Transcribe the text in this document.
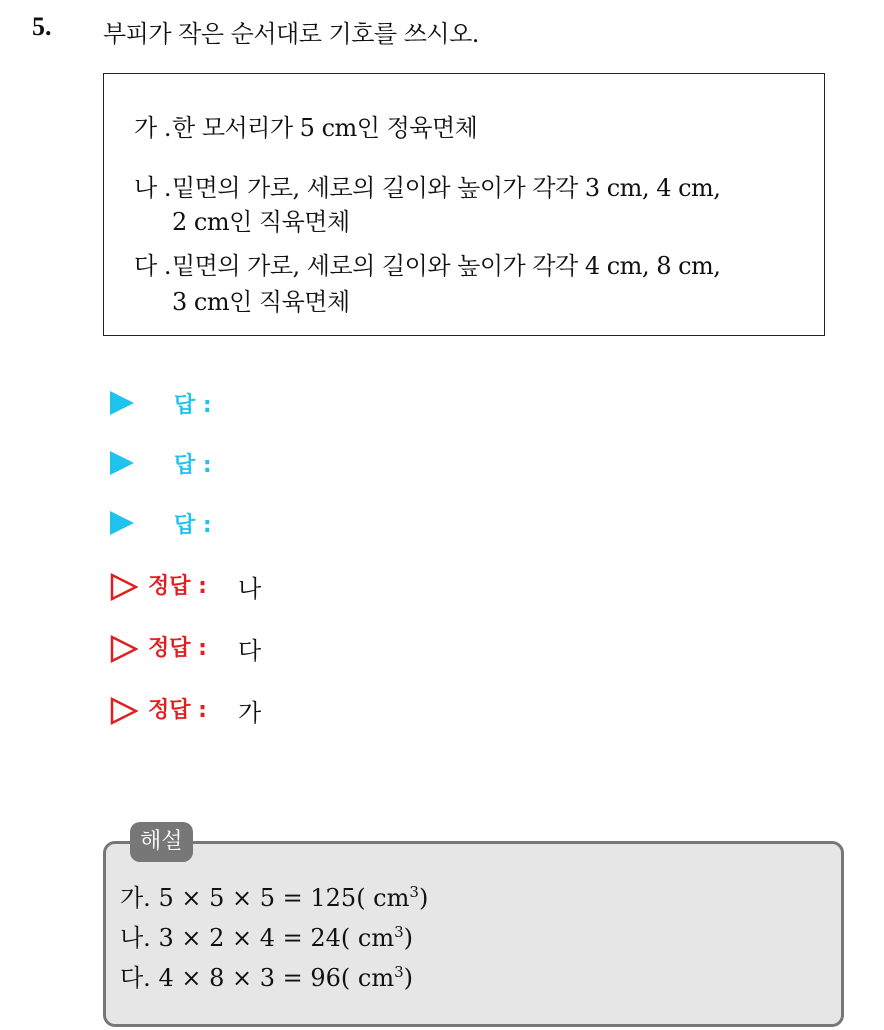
5. 부피가 작은 순서대로 기호를 쓰시오.
가 .한 모서리가 5 cm인 정육면체
나 .밑면의 가로, 세로의 길이와 높이가 각각 3 cm, 4 cm,
2 cm인 직육면체
다 .밑면의 가로, 세로의 길이와 높이가 각각 4 cm, 8 cm,
3 cm인 직육면체
답 :
답 :
답 :
정답 : 나
정답 : 다
정답 : 가
해설
가. 5 × 5 × 5 = 125( $cm^3$)
나. 3 × 2 × 4 = 24( $cm^3$)
다. 4 × 8 × 3 = 96( $cm^3$)
